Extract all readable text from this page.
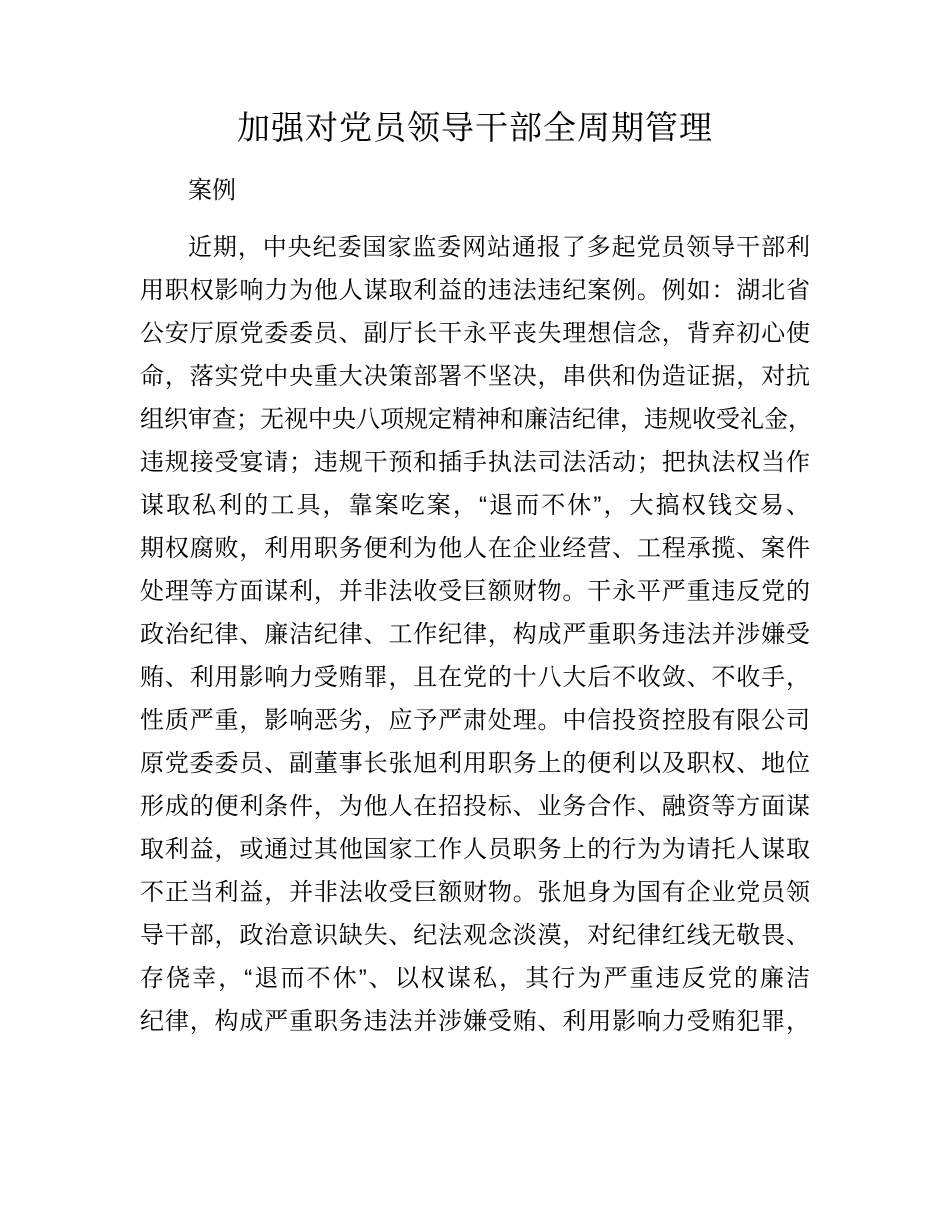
加强对党员领导干部全周期管理

案例

近期，中央纪委国家监委网站通报了多起党员领导干部利
用职权影响力为他人谋取利益的违法违纪案例。例如：湖北省
公安厅原党委委员、副厅长干永平丧失理想信念，背弃初心使
命，落实党中央重大决策部署不坚决，串供和伪造证据，对抗
组织审查；无视中央八项规定精神和廉洁纪律，违规收受礼金，
违规接受宴请；违规干预和插手执法司法活动；把执法权当作
谋取私利的工具，靠案吃案，“退而不休”，大搞权钱交易、
期权腐败，利用职务便利为他人在企业经营、工程承揽、案件
处理等方面谋利，并非法收受巨额财物。干永平严重违反党的
政治纪律、廉洁纪律、工作纪律，构成严重职务违法并涉嫌受
贿、利用影响力受贿罪，且在党的十八大后不收敛、不收手，
性质严重，影响恶劣，应予严肃处理。中信投资控股有限公司
原党委委员、副董事长张旭利用职务上的便利以及职权、地位
形成的便利条件，为他人在招投标、业务合作、融资等方面谋
取利益，或通过其他国家工作人员职务上的行为为请托人谋取
不正当利益，并非法收受巨额财物。张旭身为国有企业党员领
导干部，政治意识缺失、纪法观念淡漠，对纪律红线无敬畏、
存侥幸，“退而不休”、以权谋私，其行为严重违反党的廉洁
纪律，构成严重职务违法并涉嫌受贿、利用影响力受贿犯罪，
